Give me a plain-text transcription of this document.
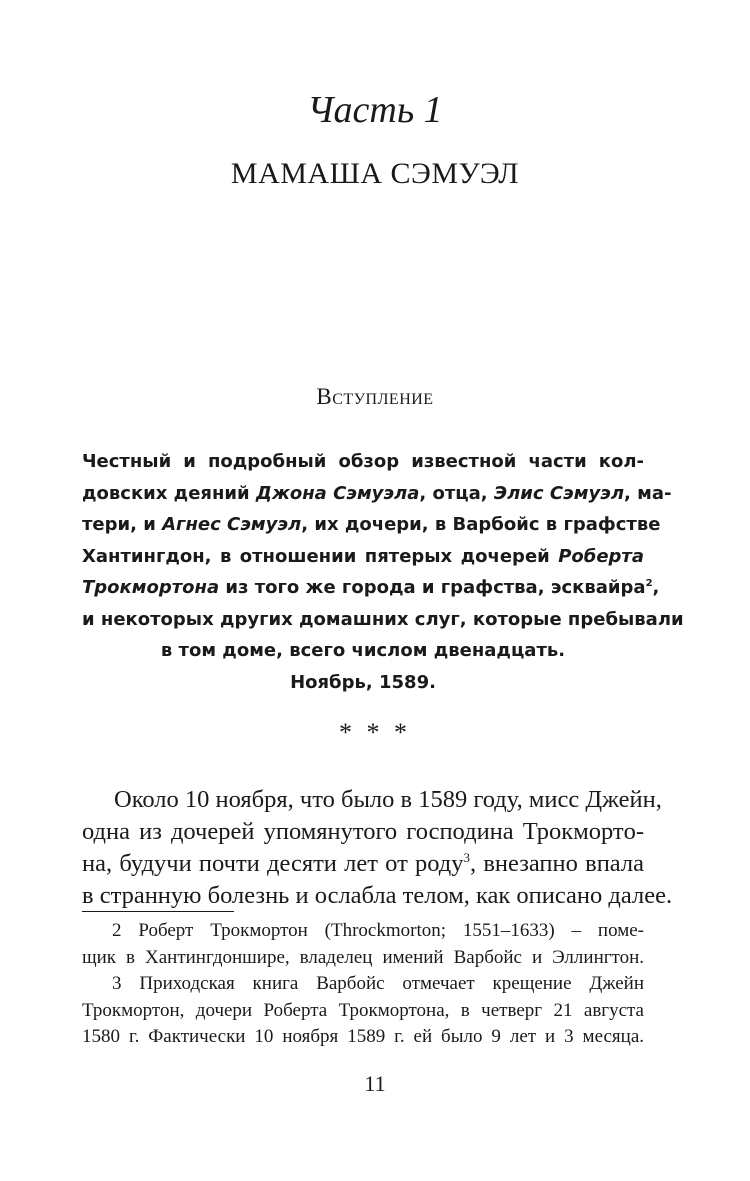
Часть 1
МАМАША СЭМУЭЛ
Вступление
Честный и подробный обзор известной части кол-
довских деяний Джона Сэмуэла, отца, Элис Сэмуэл, ма-
тери, и Агнес Сэмуэл, их дочери, в Варбойс в графстве
Хантингдон, в отношении пятерых дочерей Роберта
Трокмортона из того же города и графства, эсквайра$^2$,
и некоторых других домашних слуг, которые пребывали
в том доме, всего числом двенадцать.
Ноябрь, 1589.
* * *
Около 10 ноября, что было в 1589 году, мисс Джейн,
одна из дочерей упомянутого господина Трокмортo-
на, будучи почти десяти лет от роду$^3$, внезапно впала
в странную болезнь и ослабла телом, как описано далее.
2 Роберт Трокмортон (Throckmorton; 1551–1633) – поме-
щик в Хантингдоншире, владелец имений Варбойс и Эллингтон.
3 Приходская книга Варбойс отмечает крещение Джейн
Трокмортон, дочери Роберта Трокмортона, в четверг 21 августа
1580 г. Фактически 10 ноября 1589 г. ей было 9 лет и 3 месяца.
11
